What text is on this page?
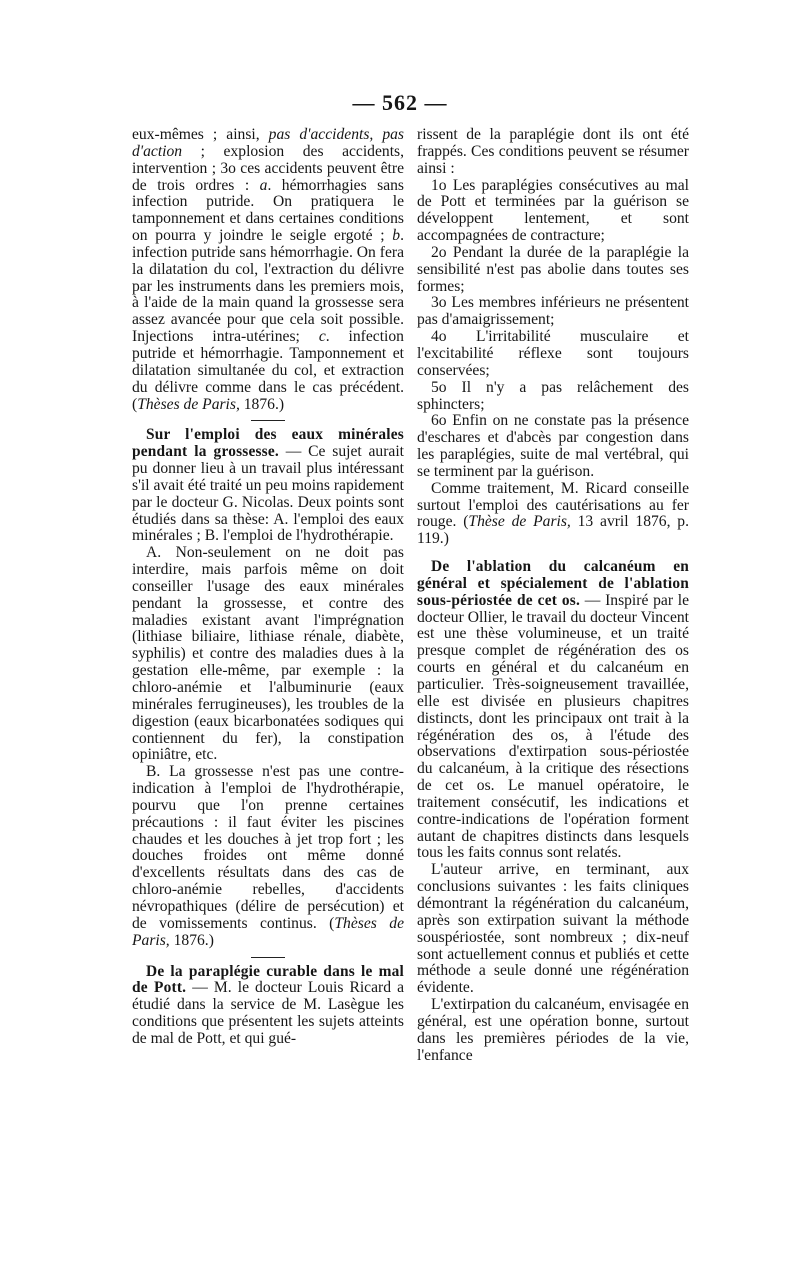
— 562 —

eux-mêmes ; ainsi, pas d'accidents, pas d'action ; explosion des accidents, intervention ; 3o ces accidents peuvent être de trois ordres : a. hémorrhagies sans infection putride. On pratiquera le tamponnement et dans certaines conditions on pourra y joindre le seigle ergoté ; b. infection putride sans hémorrhagie. On fera la dilatation du col, l'extraction du délivre par les instruments dans les premiers mois, à l'aide de la main quand la grossesse sera assez avancée pour que cela soit possible. Injections intra-utérines; c. infection putride et hémorrhagie. Tamponnement et dilatation simultanée du col, et extraction du délivre comme dans le cas précédent. (Thèses de Paris, 1876.)

Sur l'emploi des eaux minérales pendant la grossesse. — Ce sujet aurait pu donner lieu à un travail plus intéressant s'il avait été traité un peu moins rapidement par le docteur G. Nicolas. Deux points sont étudiés dans sa thèse: A. l'emploi des eaux minérales ; B. l'emploi de l'hydrothérapie.

A. Non-seulement on ne doit pas interdire, mais parfois même on doit conseiller l'usage des eaux minérales pendant la grossesse, et contre des maladies existant avant l'imprégnation (lithiase biliaire, lithiase rénale, diabète, syphilis) et contre des maladies dues à la gestation elle-même, par exemple : la chloro-anémie et l'albuminurie (eaux minérales ferrugineuses), les troubles de la digestion (eaux bicarbonatées sodiques qui contiennent du fer), la constipation opiniâtre, etc.

B. La grossesse n'est pas une contre-indication à l'emploi de l'hydrothérapie, pourvu que l'on prenne certaines précautions : il faut éviter les piscines chaudes et les douches à jet trop fort ; les douches froides ont même donné d'excellents résultats dans des cas de chloro-anémie rebelles, d'accidents névropathiques (délire de persécution) et de vomissements continus. (Thèses de Paris, 1876.)

De la paraplégie curable dans le mal de Pott. — M. le docteur Louis Ricard a étudié dans la service de M. Lasègue les conditions que présentent les sujets atteints de mal de Pott, et qui gué-

rissent de la paraplégie dont ils ont été frappés. Ces conditions peuvent se résumer ainsi :

1o Les paraplégies consécutives au mal de Pott et terminées par la guérison se développent lentement, et sont accompagnées de contracture;

2o Pendant la durée de la paraplégie la sensibilité n'est pas abolie dans toutes ses formes;

3o Les membres inférieurs ne présentent pas d'amaigrissement;

4o L'irritabilité musculaire et l'excitabilité réflexe sont toujours conservées;

5o Il n'y a pas relâchement des sphincters;

6o Enfin on ne constate pas la présence d'eschares et d'abcès par congestion dans les paraplégies, suite de mal vertébral, qui se terminent par la guérison.

Comme traitement, M. Ricard conseille surtout l'emploi des cautérisations au fer rouge. (Thèse de Paris, 13 avril 1876, p. 119.)

De l'ablation du calcanéum en général et spécialement de l'ablation sous-périostée de cet os. — Inspiré par le docteur Ollier, le travail du docteur Vincent est une thèse volumineuse, et un traité presque complet de régénération des os courts en général et du calcanéum en particulier. Très-soigneusement travaillée, elle est divisée en plusieurs chapitres distincts, dont les principaux ont trait à la régénération des os, à l'étude des observations d'extirpation sous-périostée du calcanéum, à la critique des résections de cet os. Le manuel opératoire, le traitement consécutif, les indications et contre-indications de l'opération forment autant de chapitres distincts dans lesquels tous les faits connus sont relatés.

L'auteur arrive, en terminant, aux conclusions suivantes : les faits cliniques démontrant la régénération du calcanéum, après son extirpation suivant la méthode souspériostée, sont nombreux ; dix-neuf sont actuellement connus et publiés et cette méthode a seule donné une régénération évidente.

L'extirpation du calcanéum, envisagée en général, est une opération bonne, surtout dans les premières périodes de la vie, l'enfance
